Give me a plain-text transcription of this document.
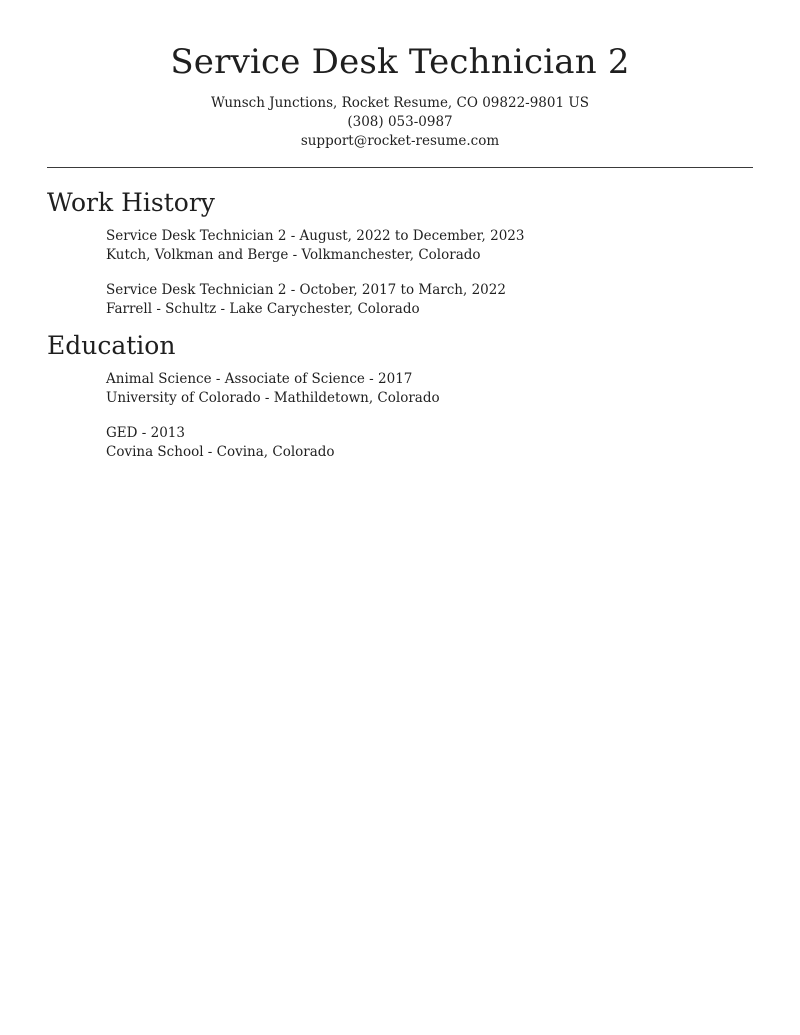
Service Desk Technician 2
Wunsch Junctions, Rocket Resume, CO 09822-9801 US
(308) 053-0987
support@rocket-resume.com
Work History
Service Desk Technician 2 - August, 2022 to December, 2023
Kutch, Volkman and Berge - Volkmanchester, Colorado
Service Desk Technician 2 - October, 2017 to March, 2022
Farrell - Schultz - Lake Carychester, Colorado
Education
Animal Science - Associate of Science - 2017
University of Colorado - Mathildetown, Colorado
GED - 2013
Covina School - Covina, Colorado
